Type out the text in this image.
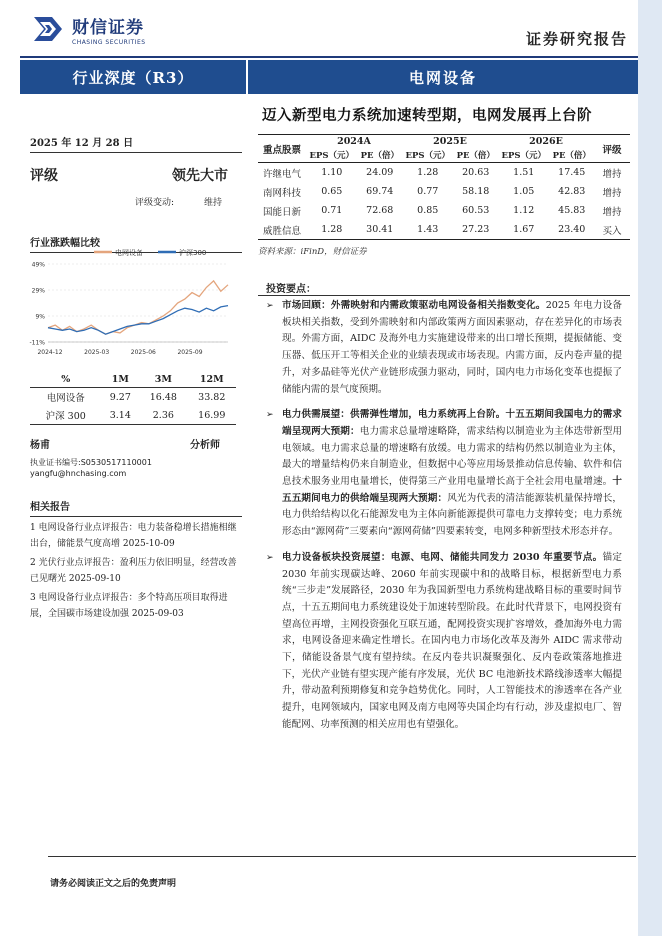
财信证券
CHASING SECURITIES	证券研究报告
行业深度（R3）	电网设备
迈入新型电力系统加速转型期，电网发展再上台阶
2025 年 12 月 28 日
评级	领先大市
评级变动:	维持
行业涨跌幅比较
电网设备	沪深300
49%
29%
9%
-11%
2024-12	2025-03	2025-06	2025-09
%	1M	3M	12M
电网设备	9.27	16.48	33.82
沪深 300	3.14	2.36	16.99
杨甫	分析师
执业证书编号:S0530517110001
yangfu@hnchasing.com
相关报告
1 电网设备行业点评报告：电力装备稳增长措施相继出台，储能景气度高增 2025-10-09
2 光伏行业点评报告：盈利压力依旧明显，经营改善已见曙光 2025-09-10
3 电网设备行业点评报告：多个特高压项目取得进展，全国碳市场建设加强 2025-09-03
重点股票	2024A		2025E		2026E		评级
	EPS（元）	PE（倍）	EPS（元）	PE（倍）	EPS（元）	PE（倍）	
许继电气	1.10	24.09	1.28	20.63	1.51	17.45	增持
南网科技	0.65	69.74	0.77	58.18	1.05	42.83	增持
国能日新	0.71	72.68	0.85	60.53	1.12	45.83	增持
威胜信息	1.28	30.41	1.43	27.23	1.67	23.40	买入
资料来源：iFinD，财信证券
投资要点：
➢ 市场回顾：外需映射和内需政策驱动电网设备相关指数变化。2025 年电力设备板块相关指数，受到外需映射和内部政策两方面因素驱动，存在差异化的市场表现。外需方面，AIDC 及海外电力实施建设带来的出口增长预期，提振储能、变压器、低压开工等相关企业的业绩表现或市场表现。内需方面，反内卷声量的提升，对多晶硅等光伏产业链形成强力驱动，同时，国内电力市场化变革也提振了储能内需的景气度预期。
➢ 电力供需展望：供需弹性增加，电力系统再上台阶。十五五期间我国电力的需求端呈现两大预期：电力需求总量增速略降，需求结构以制造业为主体迭带新型用电领域。电力需求总量的增速略有放缓。电力需求的结构仍然以制造业为主体，最大的增量结构仍来自制造业，但数据中心等应用场景推动信息传输、软件和信息技术服务业用电量增长，使得第三产业用电量增长高于全社会用电量增速。十五五期间电力的供给端呈现两大预期：风光为代表的清洁能源装机量保持增长，电力供给结构以化石能源发电为主体向新能源提供可靠电力支撑转变；电力系统形态由“源网荷”三要素向“源网荷储”四要素转变，电网多种新型技术形态并存。
➢ 电力设备板块投资展望：电源、电网、储能共同发力 2030 年重要节点。锚定 2030 年前实现碳达峰、2060 年前实现碳中和的战略目标，根据新型电力系统“三步走”发展路径，2030 年为我国新型电力系统构建战略目标的重要时间节点，十五五期间电力系统建设处于加速转型阶段。在此时代背景下，电网投资有望高位再增，主网投资强化互联互通，配网投资实现扩容增效，叠加海外电力需求，电网设备迎来确定性增长。在国内电力市场化改革及海外 AIDC 需求带动下，储能设备景气度有望持续。在反内卷共识凝聚强化、反内卷政策落地推进下，光伏产业链有望实现产能有序发展，光伏 BC 电池新技术路线渗透率大幅提升，带动盈利预期修复和竞争趋势优化。同时，人工智能技术的渗透率在各产业提升，电网领域内，国家电网及南方电网等央国企均有行动，涉及虚拟电厂、智能配网、功率预测的相关应用也有望强化。
请务必阅读正文之后的免责声明
